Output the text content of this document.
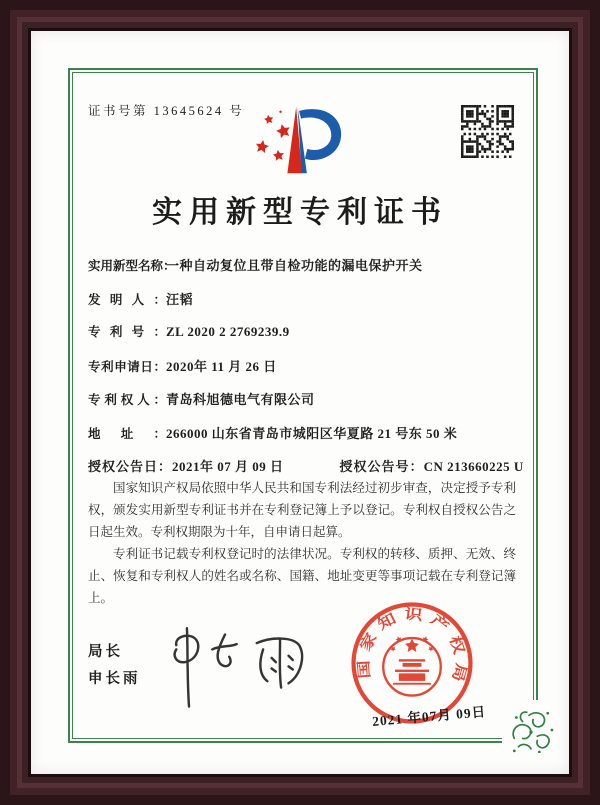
证书号第 13645624 号
实用新型专利证书
实用新型名称 ： 一种自动复位且带自检功能的漏电保护开关
发明人 ： 汪韬
专利号 ： ZL 2020 2 2769239.9
专利申请日 ： 2020年 11 月 26 日
专利权人 ： 青岛科旭德电气有限公司
地址 ： 266000 山东省青岛市城阳区华夏路 21 号东 50 米
授权公告日 ： 2021年 07 月 09 日	授权公告号 ： CN 213660225 U

国家知识产权局依照中华人民共和国专利法经过初步审查，决定授予专利权，颁发实用新型专利证书并在专利登记簿上予以登记。专利权自授权公告之日起生效。专利权期限为十年，自申请日起算。

专利证书记载专利权登记时的法律状况。专利权的转移、质押、无效、终止、恢复和专利权人的姓名或名称、国籍、地址变更等事项记载在专利登记簿上。

局长
申长雨
国家知识产权局
2021 年07月 09日
